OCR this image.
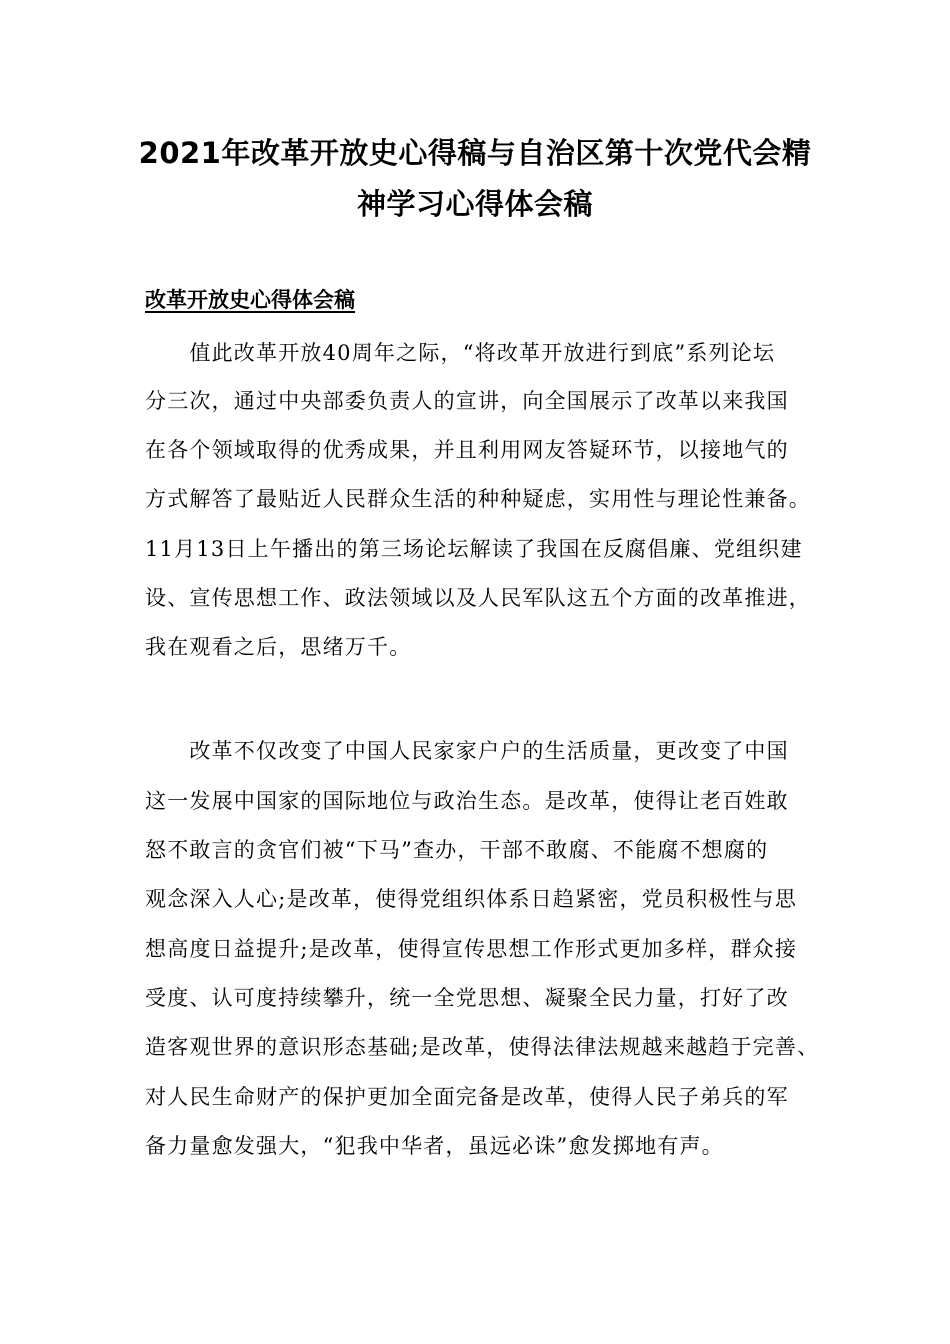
2021年改革开放史心得稿与自治区第十次党代会精
神学习心得体会稿
改革开放史心得体会稿
　　值此改革开放40周年之际，“将改革开放进行到底”系列论坛
分三次，通过中央部委负责人的宣讲，向全国展示了改革以来我国
在各个领域取得的优秀成果，并且利用网友答疑环节，以接地气的
方式解答了最贴近人民群众生活的种种疑虑，实用性与理论性兼备。
11月13日上午播出的第三场论坛解读了我国在反腐倡廉、党组织建
设、宣传思想工作、政法领域以及人民军队这五个方面的改革推进，
我在观看之后，思绪万千。
　　改革不仅改变了中国人民家家户户的生活质量，更改变了中国
这一发展中国家的国际地位与政治生态。是改革，使得让老百姓敢
怒不敢言的贪官们被“下马”查办，干部不敢腐、不能腐不想腐的
观念深入人心;是改革，使得党组织体系日趋紧密，党员积极性与思
想高度日益提升;是改革，使得宣传思想工作形式更加多样，群众接
受度、认可度持续攀升，统一全党思想、凝聚全民力量，打好了改
造客观世界的意识形态基础;是改革，使得法律法规越来越趋于完善、
对人民生命财产的保护更加全面完备是改革，使得人民子弟兵的军
备力量愈发强大，“犯我中华者，虽远必诛”愈发掷地有声。
